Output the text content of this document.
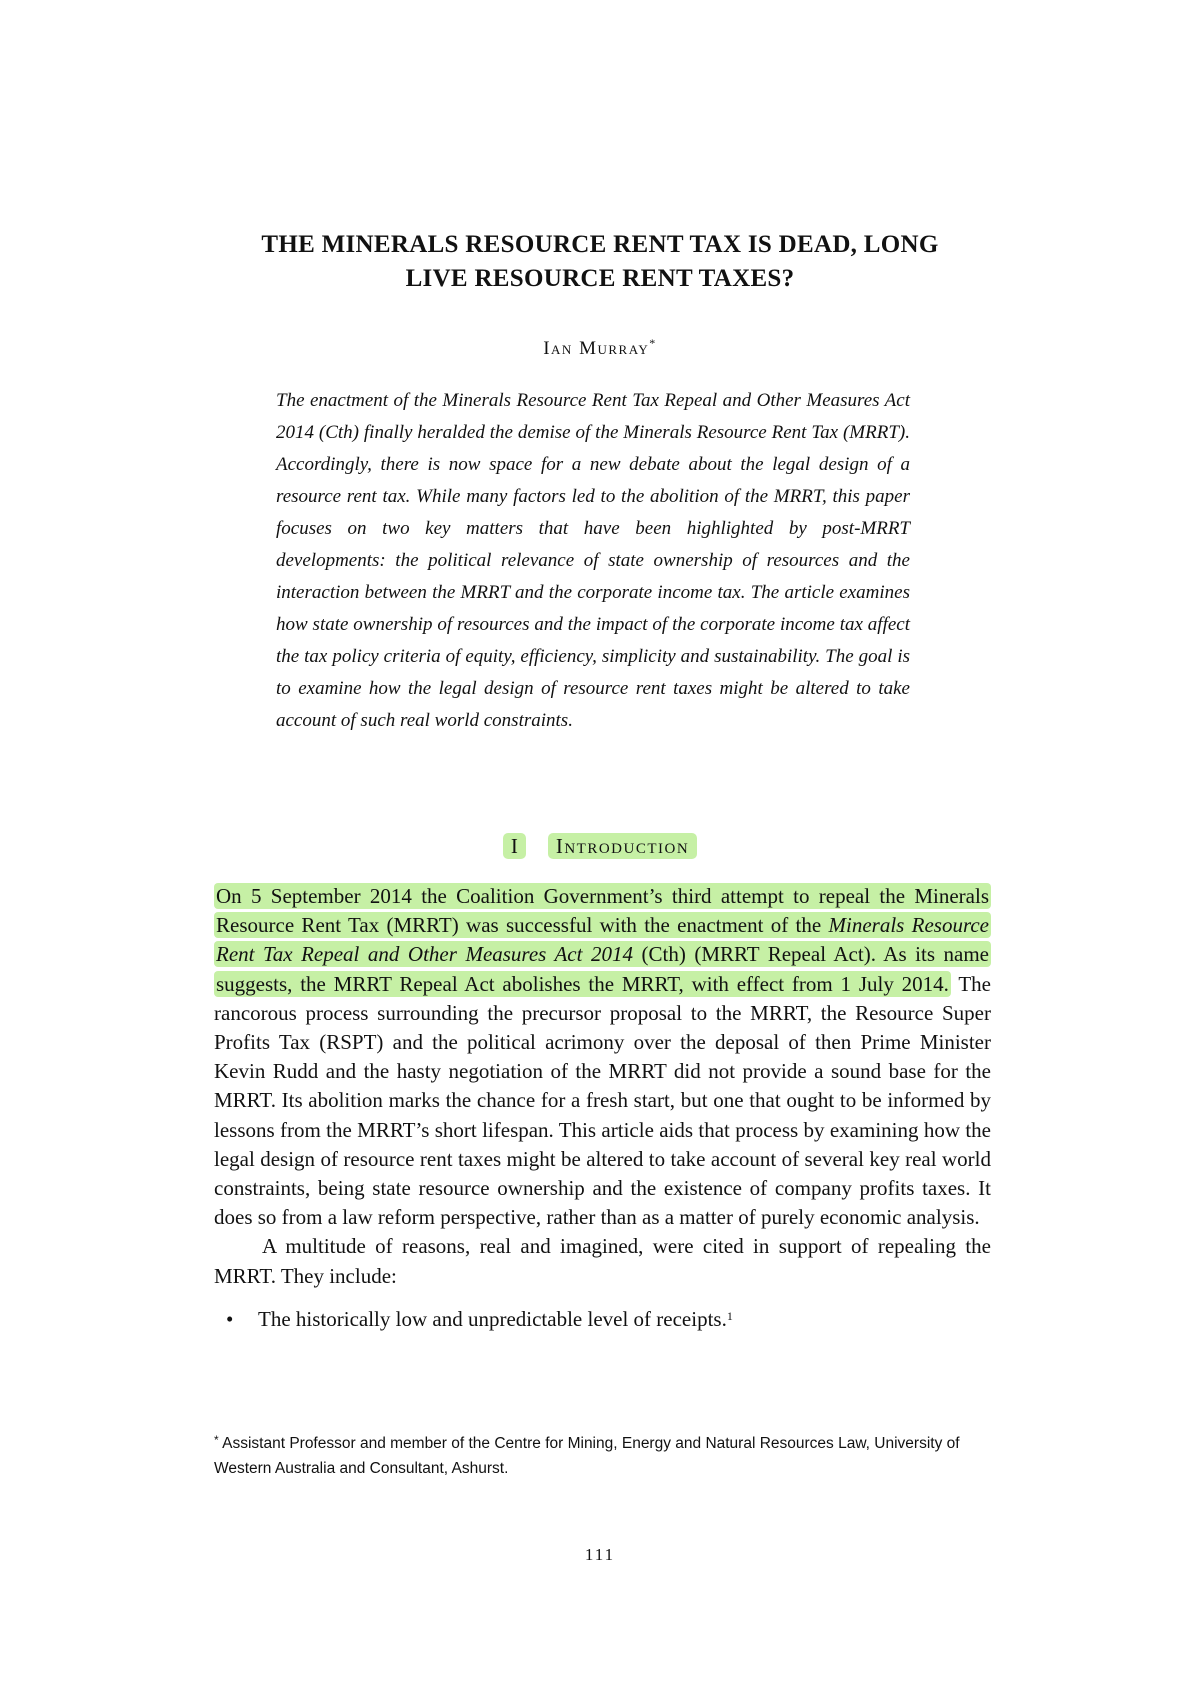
THE MINERALS RESOURCE RENT TAX IS DEAD, LONG
LIVE RESOURCE RENT TAXES?

Ian Murray*

The enactment of the Minerals Resource Rent Tax Repeal and Other Measures Act 2014 (Cth) finally heralded the demise of the Minerals Resource Rent Tax (MRRT). Accordingly, there is now space for a new debate about the legal design of a resource rent tax. While many factors led to the abolition of the MRRT, this paper focuses on two key matters that have been highlighted by post-MRRT developments: the political relevance of state ownership of resources and the interaction between the MRRT and the corporate income tax. The article examines how state ownership of resources and the impact of the corporate income tax affect the tax policy criteria of equity, efficiency, simplicity and sustainability. The goal is to examine how the legal design of resource rent taxes might be altered to take account of such real world constraints.

I Introduction

On 5 September 2014 the Coalition Government’s third attempt to repeal the Minerals Resource Rent Tax (MRRT) was successful with the enactment of the Minerals Resource Rent Tax Repeal and Other Measures Act 2014 (Cth) (MRRT Repeal Act). As its name suggests, the MRRT Repeal Act abolishes the MRRT, with effect from 1 July 2014. The rancorous process surrounding the precursor proposal to the MRRT, the Resource Super Profits Tax (RSPT) and the political acrimony over the deposal of then Prime Minister Kevin Rudd and the hasty negotiation of the MRRT did not provide a sound base for the MRRT. Its abolition marks the chance for a fresh start, but one that ought to be informed by lessons from the MRRT’s short lifespan. This article aids that process by examining how the legal design of resource rent taxes might be altered to take account of several key real world constraints, being state resource ownership and the existence of company profits taxes. It does so from a law reform perspective, rather than as a matter of purely economic analysis.

A multitude of reasons, real and imagined, were cited in support of repealing the MRRT. They include:

• The historically low and unpredictable level of receipts.$^1$

* Assistant Professor and member of the Centre for Mining, Energy and Natural Resources Law, University of Western Australia and Consultant, Ashurst.

111
